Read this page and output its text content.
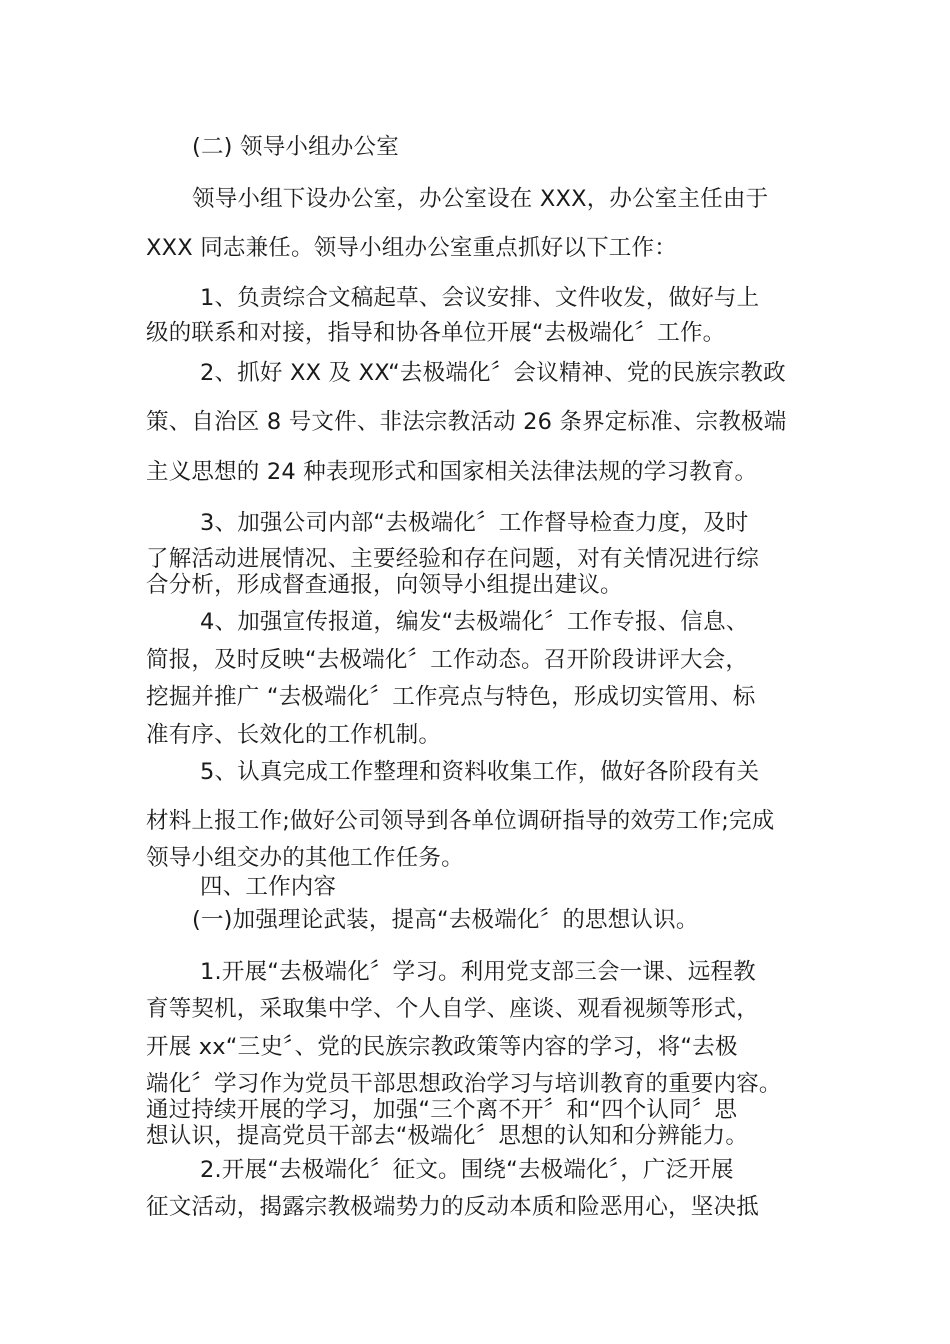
(二) 领导小组办公室
领导小组下设办公室，办公室设在 XXX，办公室主任由于
XXX 同志兼任。领导小组办公室重点抓好以下工作：
1、负责综合文稿起草、会议安排、文件收发，做好与上
级的联系和对接，指导和协各单位开展“去极端化〞工作。
2、抓好 XX 及 XX“去极端化〞会议精神、党的民族宗教政
策、自治区 8 号文件、非法宗教活动 26 条界定标准、宗教极端
主义思想的 24 种表现形式和国家相关法律法规的学习教育。
3、加强公司内部“去极端化〞工作督导检查力度，及时
了解活动进展情况、主要经验和存在问题，对有关情况进行综
合分析，形成督查通报，向领导小组提出建议。
4、加强宣传报道，编发“去极端化〞工作专报、信息、
简报，及时反映“去极端化〞工作动态。召开阶段讲评大会，
挖掘并推广 “去极端化〞工作亮点与特色，形成切实管用、标
准有序、长效化的工作机制。
5、认真完成工作整理和资料收集工作，做好各阶段有关
材料上报工作;做好公司领导到各单位调研指导的效劳工作;完成
领导小组交办的其他工作任务。
四、工作内容
(一)加强理论武装，提高“去极端化〞的思想认识。
1.开展“去极端化〞学习。利用党支部三会一课、远程教
育等契机，采取集中学、个人自学、座谈、观看视频等形式，
开展 xx“三史〞、党的民族宗教政策等内容的学习，将“去极
端化〞学习作为党员干部思想政治学习与培训教育的重要内容。
通过持续开展的学习，加强“三个离不开〞和“四个认同〞思
想认识，提高党员干部去“极端化〞思想的认知和分辨能力。
2.开展“去极端化〞征文。围绕“去极端化〞，广泛开展
征文活动，揭露宗教极端势力的反动本质和险恶用心，坚决抵
